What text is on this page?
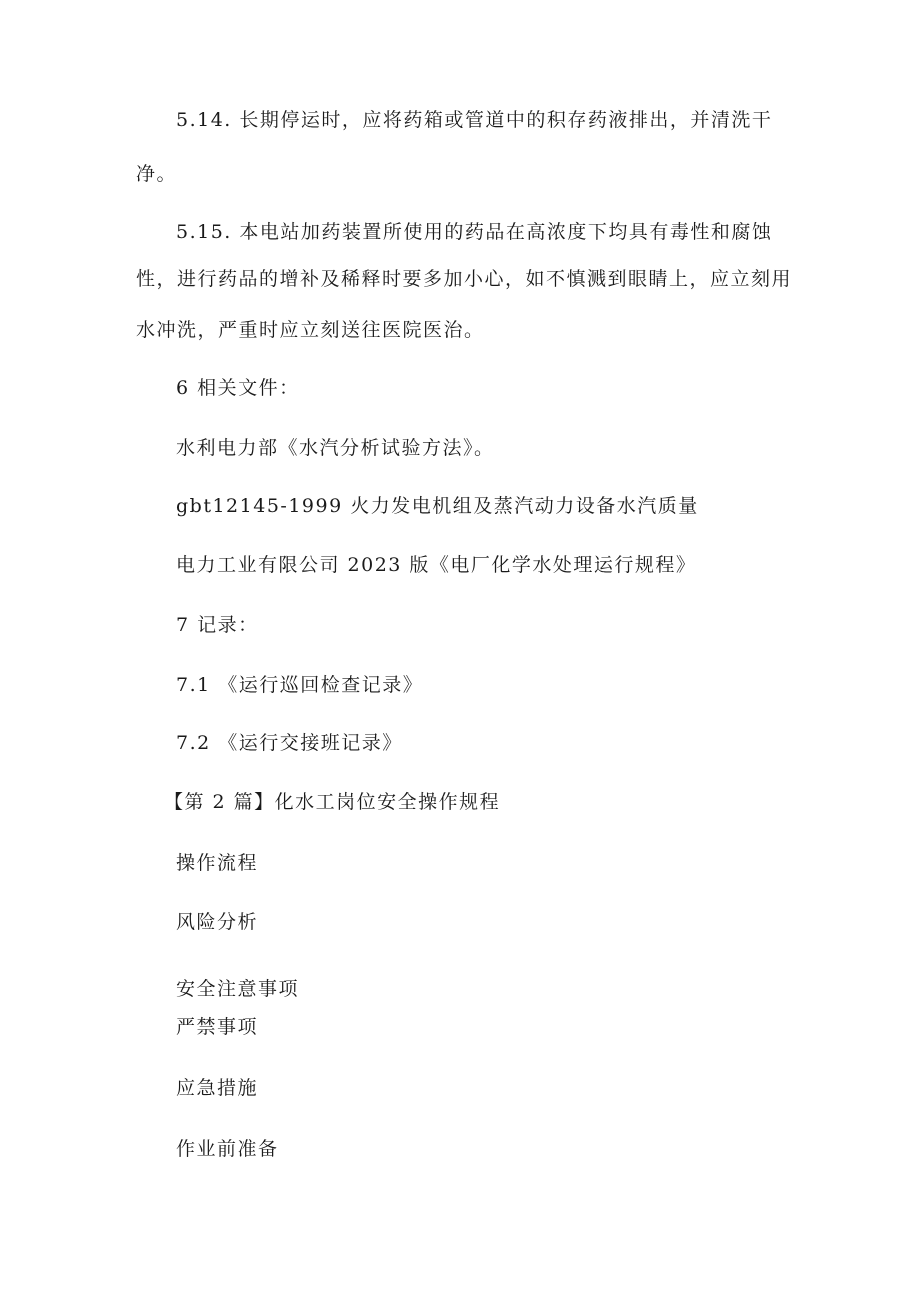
5.14. 长期停运时，应将药箱或管道中的积存药液排出，并清洗干
净。
5.15. 本电站加药装置所使用的药品在高浓度下均具有毒性和腐蚀
性，进行药品的增补及稀释时要多加小心，如不慎溅到眼睛上，应立刻用
水冲洗，严重时应立刻送往医院医治。
6 相关文件：
水利电力部《水汽分析试验方法》。
gbt12145-1999 火力发电机组及蒸汽动力设备水汽质量
电力工业有限公司 2023 版《电厂化学水处理运行规程》
7 记录：
7.1 《运行巡回检查记录》
7.2 《运行交接班记录》
【第 2 篇】化水工岗位安全操作规程
操作流程
风险分析
安全注意事项
严禁事项
应急措施
作业前准备
